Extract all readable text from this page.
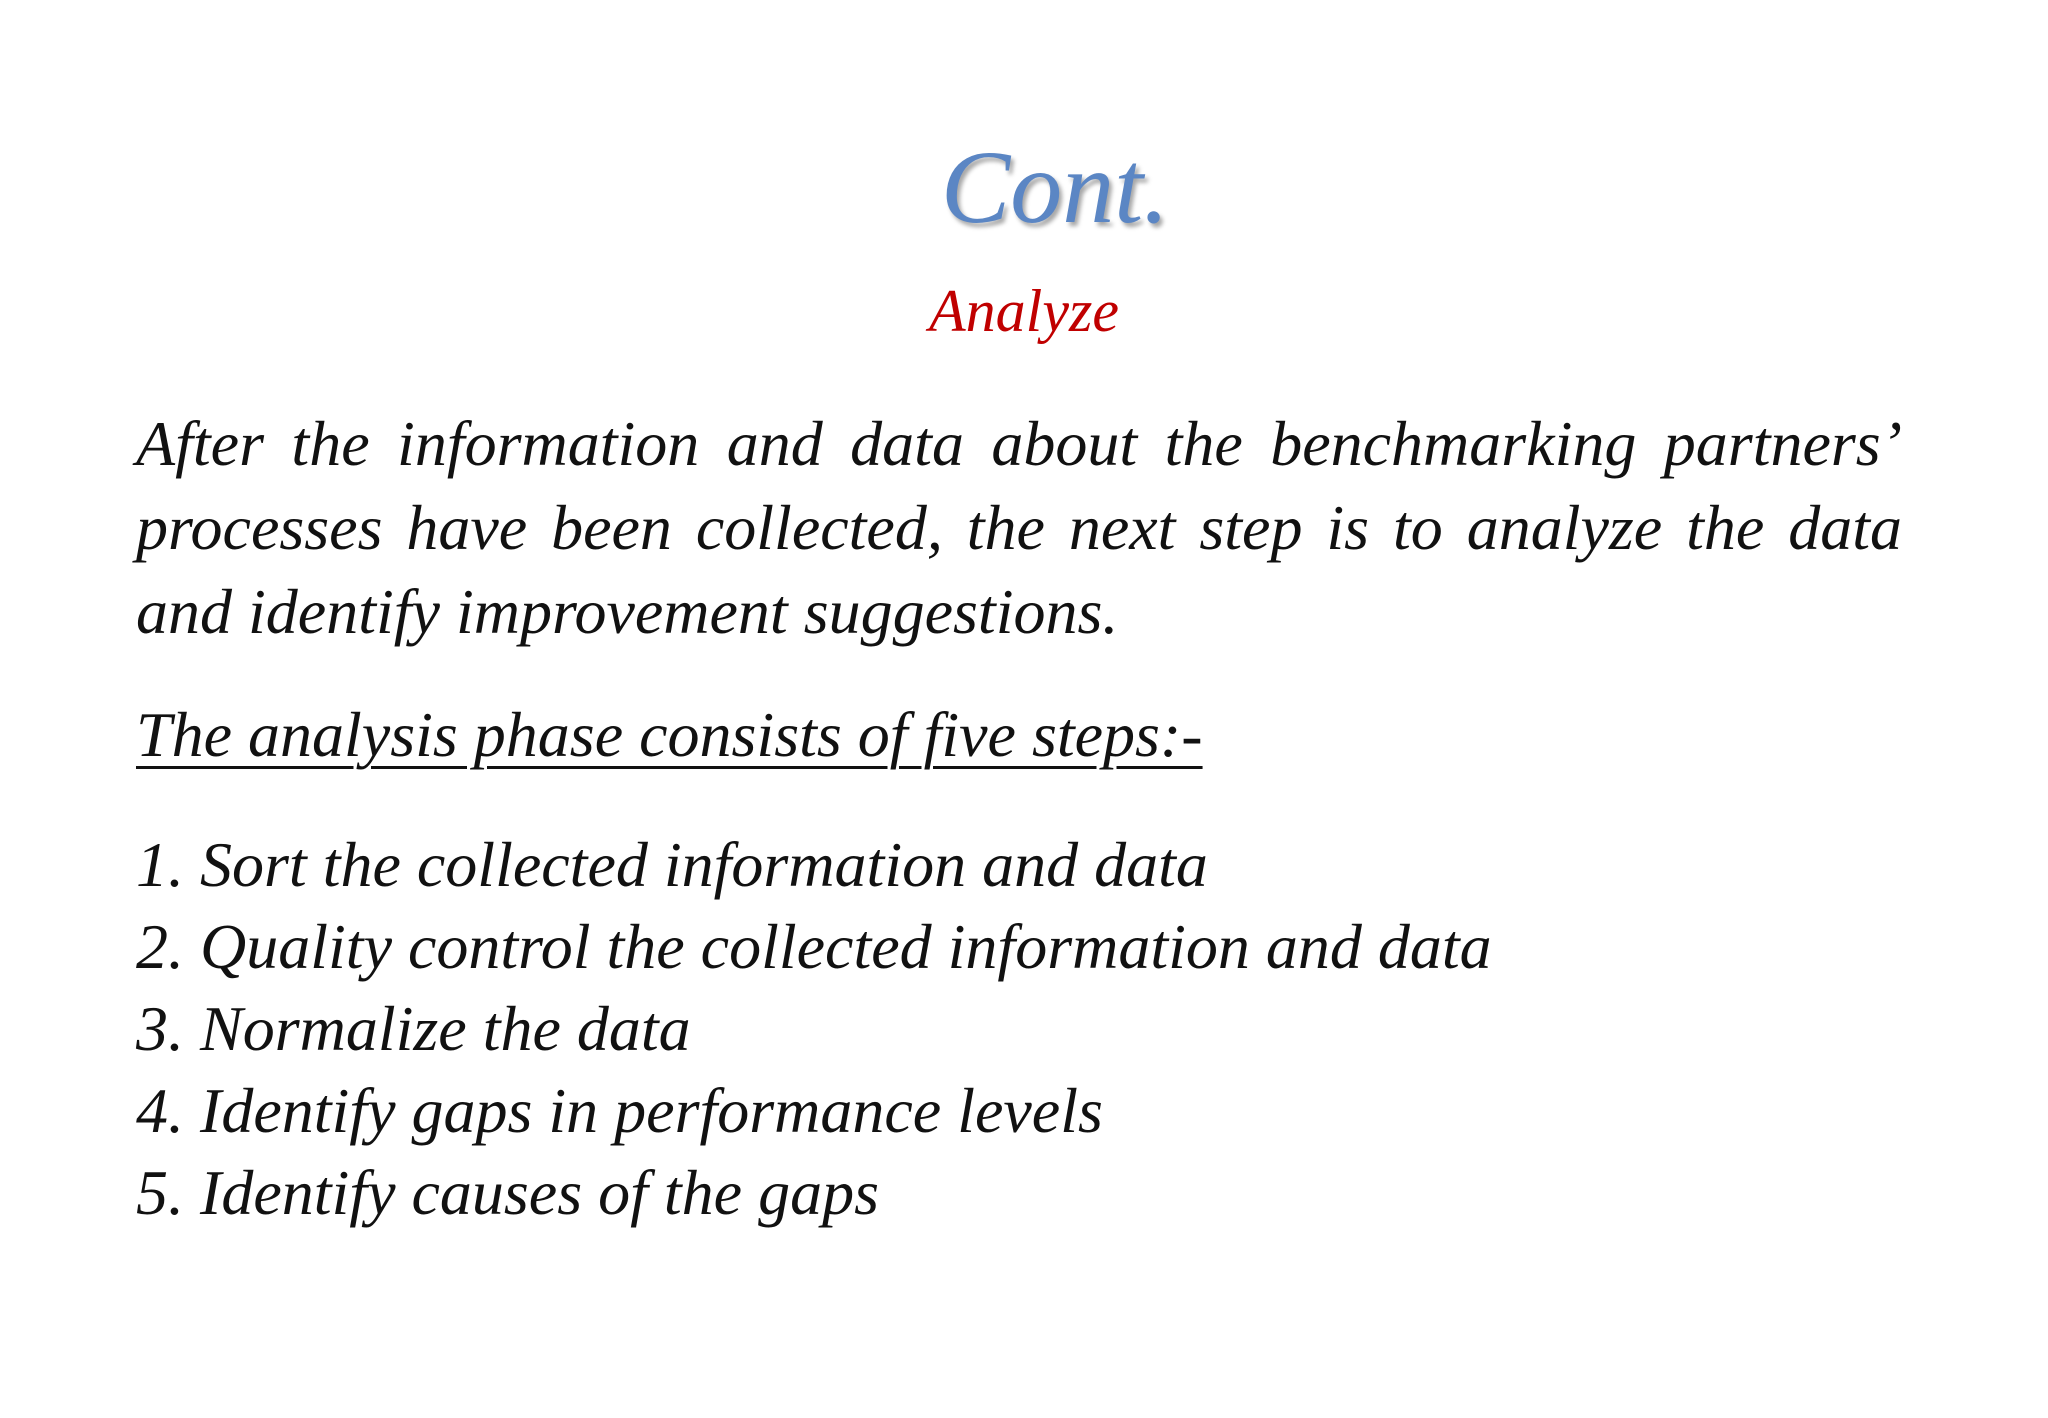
Cont.
Analyze

After the information and data about the benchmarking partners’ processes have been collected, the next step is to analyze the data and identify improvement suggestions.

The analysis phase consists of five steps:-

1. Sort the collected information and data
2. Quality control the collected information and data
3. Normalize the data
4. Identify gaps in performance levels
5. Identify causes of the gaps
